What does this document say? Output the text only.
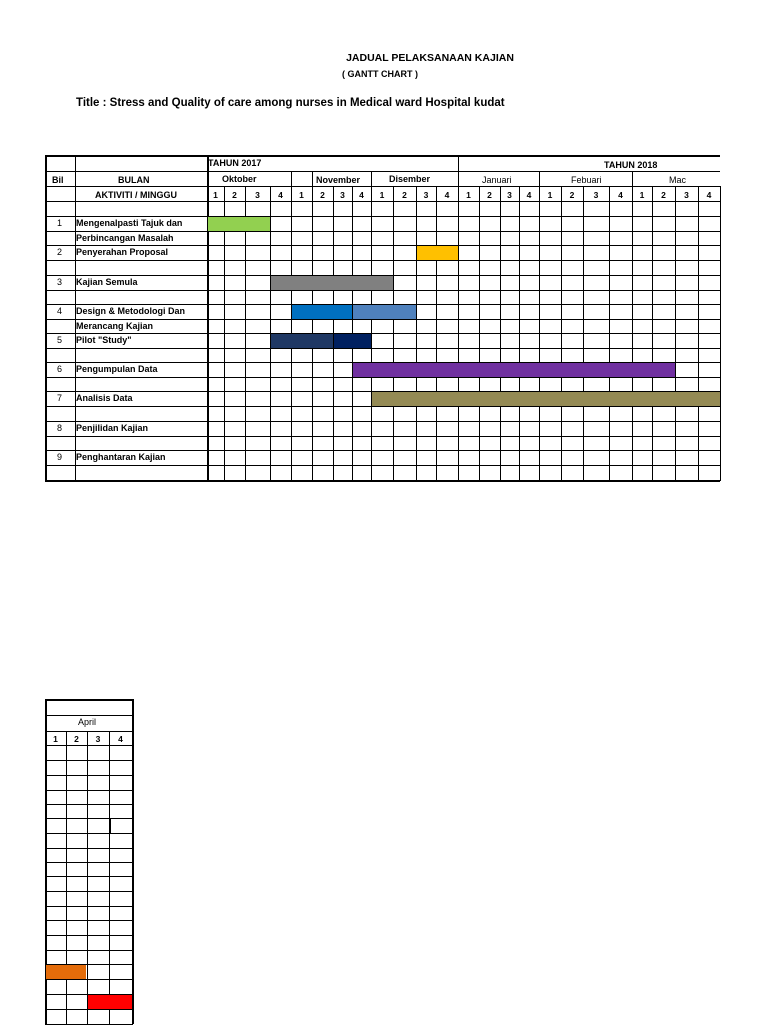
JADUAL PELAKSANAAN KAJIAN
( GANTT CHART )
Title : Stress and Quality of care among nurses in Medical ward Hospital kudat
Bil	BULAN
AKTIVITI / MINGGU
TAHUN 2017	TAHUN 2018
Oktober	November	Disember	Januari	Febuari	Mac
1	2	3	4	1	2	3	4	1	2	3	4	1	2	3	4	1	2	3	4	1	2	3	4
1 Mengenalpasti Tajuk dan
Perbincangan Masalah
2 Penyerahan Proposal
3 Kajian Semula
4 Design & Metodologi Dan
Merancang Kajian
5 Pilot "Study"
6 Pengumpulan Data
7 Analisis Data
8 Penjilidan Kajian
9 Penghantaran Kajian
April
1	2	3	4
